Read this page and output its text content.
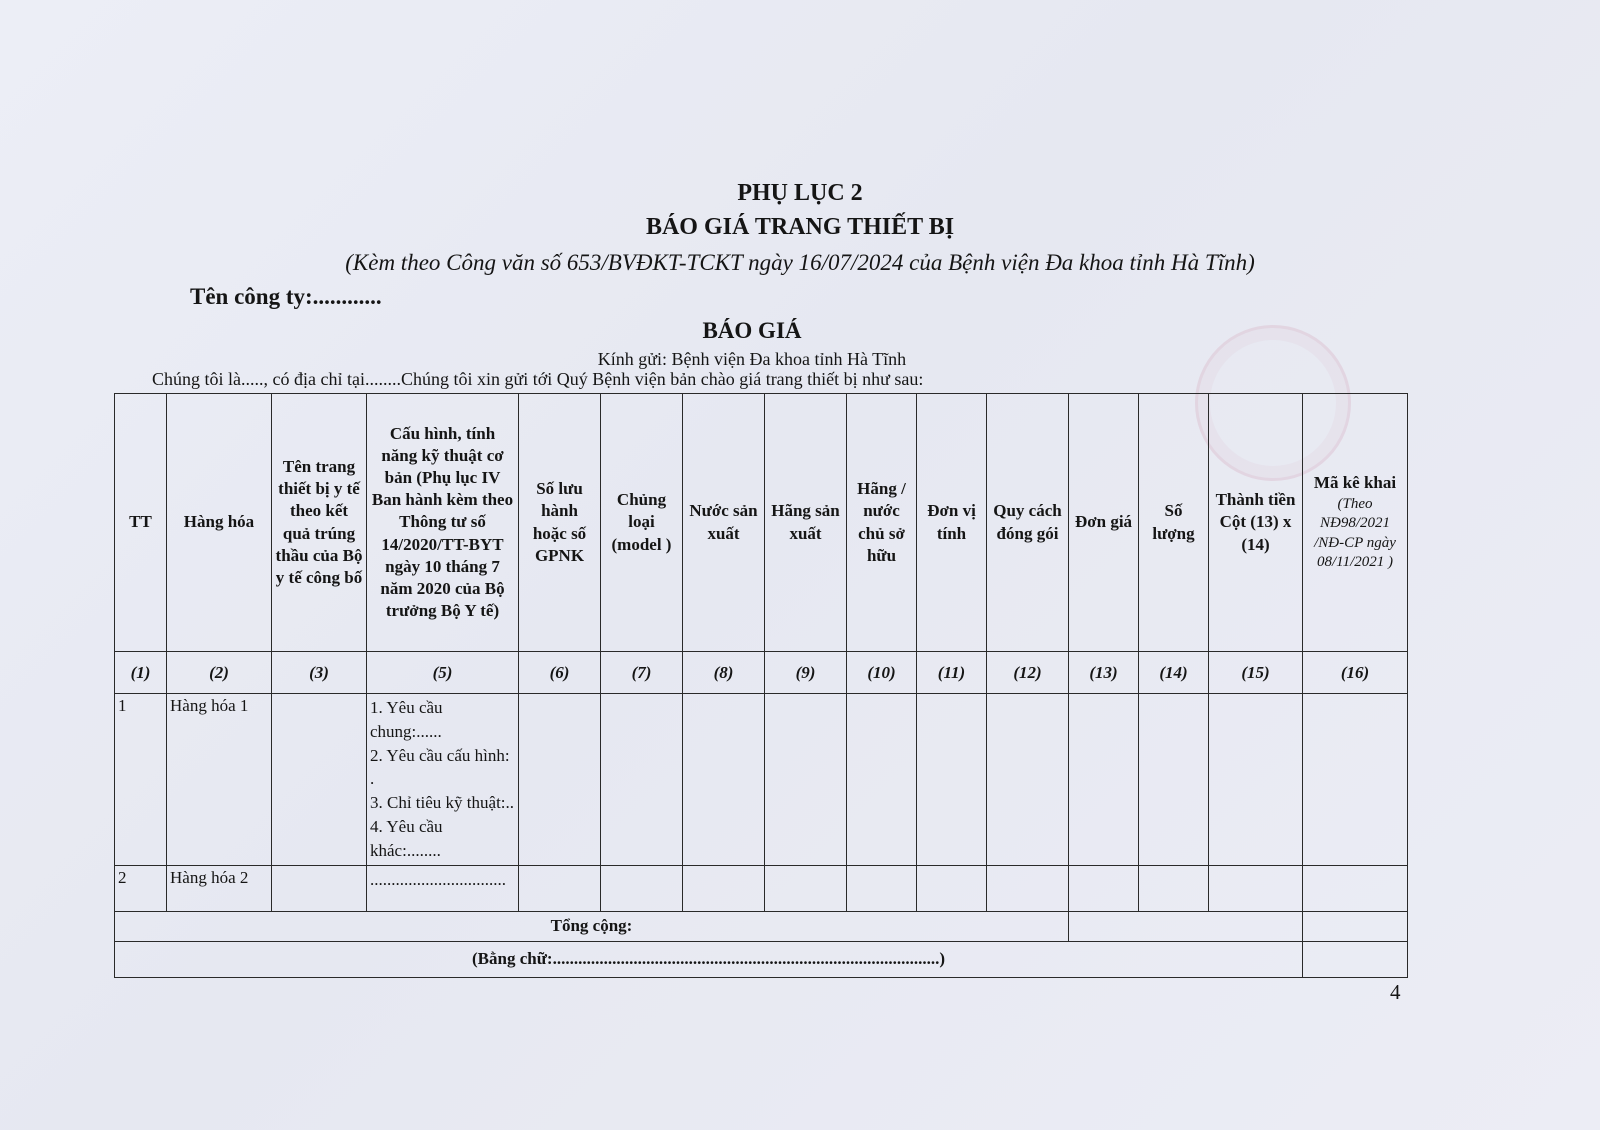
PHỤ LỤC 2
BÁO GIÁ TRANG THIẾT BỊ
(Kèm theo Công văn số 653/BVĐKT-TCKT ngày 16/07/2024 của Bệnh viện Đa khoa tỉnh Hà Tĩnh)
Tên công ty:............
BÁO GIÁ
Kính gửi: Bệnh viện Đa khoa tỉnh Hà Tĩnh
Chúng tôi là....., có địa chỉ tại........Chúng tôi xin gửi tới Quý Bệnh viện bản chào giá trang thiết bị như sau:
TT	Hàng hóa	Tên trang thiết bị y tế theo kết quả trúng thầu của Bộ y tế công bố	Cấu hình, tính năng kỹ thuật cơ bản (Phụ lục IV Ban hành kèm theo Thông tư số 14/2020/TT-BYT ngày 10 tháng 7 năm 2020 của Bộ trưởng Bộ Y tế)	Số lưu hành hoặc số GPNK	Chủng loại (model )	Nước sản xuất	Hãng sản xuất	Hãng / nước chủ sở hữu	Đơn vị tính	Quy cách đóng gói	Đơn giá	Số lượng	Thành tiền Cột (13) x (14)	Mã kê khai
(Theo NĐ98/2021 /NĐ-CP ngày 08/11/2021 )

(1)	(2)	(3)	(5)	(6)	(7)	(8)	(9)	(10)	(11)	(12)	(13)	(14)	(15)	(16)
1	Hàng hóa 1		1. Yêu cầu chung:......
2. Yêu cầu cấu hình: .
3. Chỉ tiêu kỹ thuật:..
4. Yêu cầu khác:........											

2	Hàng hóa 2		................................											

Tổng cộng:														
(Bằng chữ:...........................................................................................)														
4
